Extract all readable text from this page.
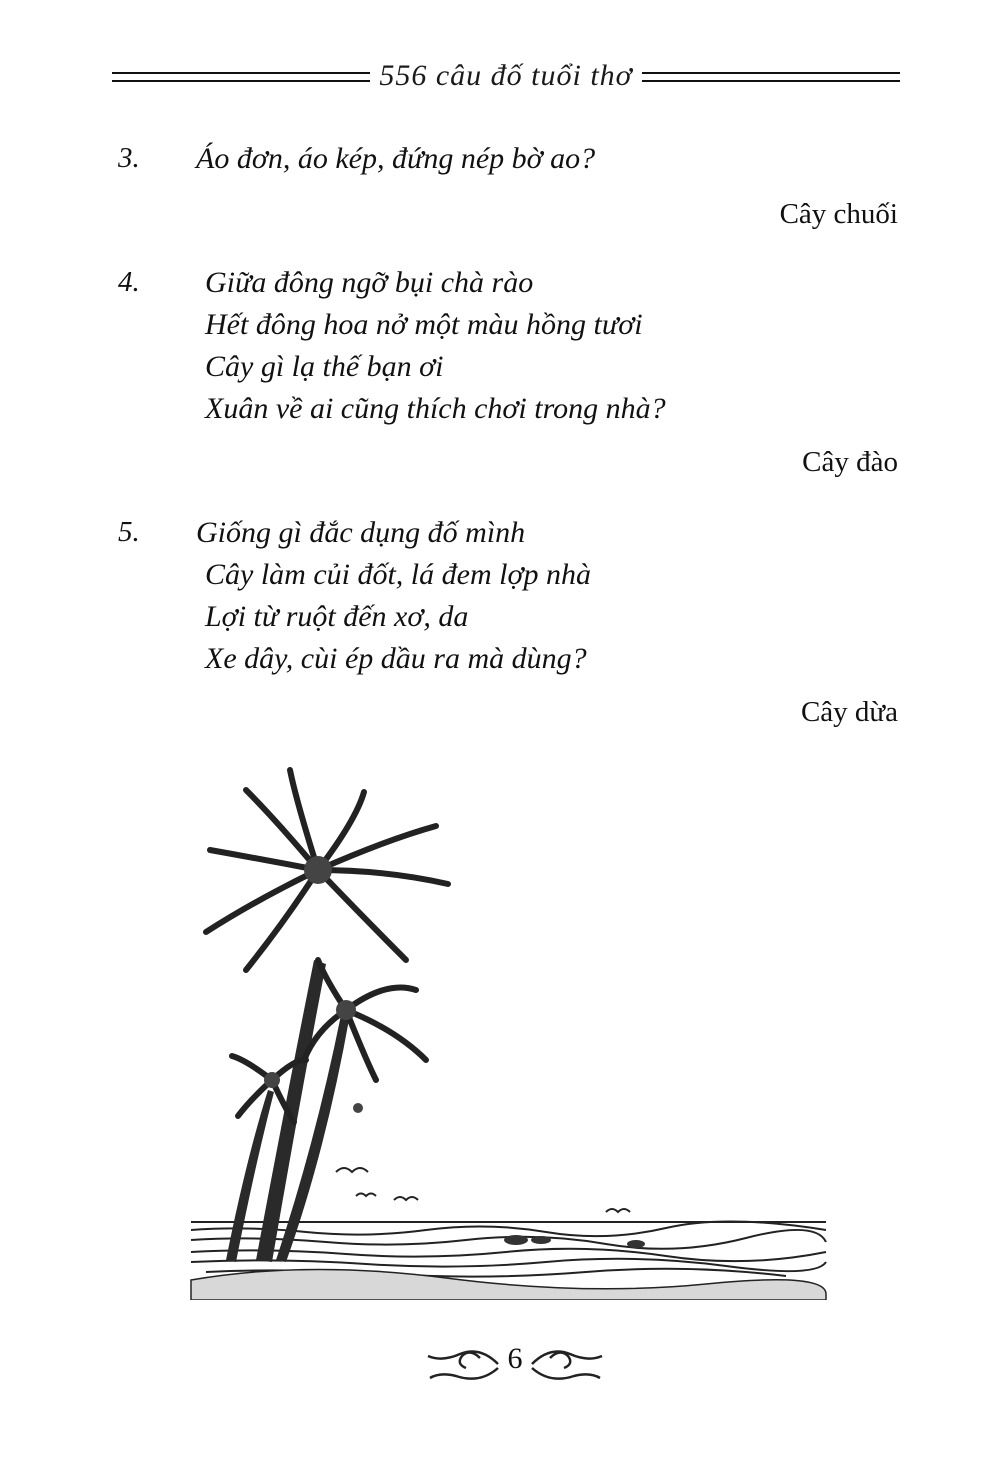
556 câu đố tuổi thơ
3. Áo đơn, áo kép, đứng nép bờ ao?
Cây chuối
4. Giữa đông ngỡ bụi chà rào
Hết đông hoa nở một màu hồng tươi
Cây gì lạ thế bạn ơi
Xuân về ai cũng thích chơi trong nhà?
Cây đào
5. Giống gì đắc dụng đố mình
Cây làm củi đốt, lá đem lợp nhà
Lợi từ ruột đến xơ, da
Xe dây, cùi ép dầu ra mà dùng?
Cây dừa
6
